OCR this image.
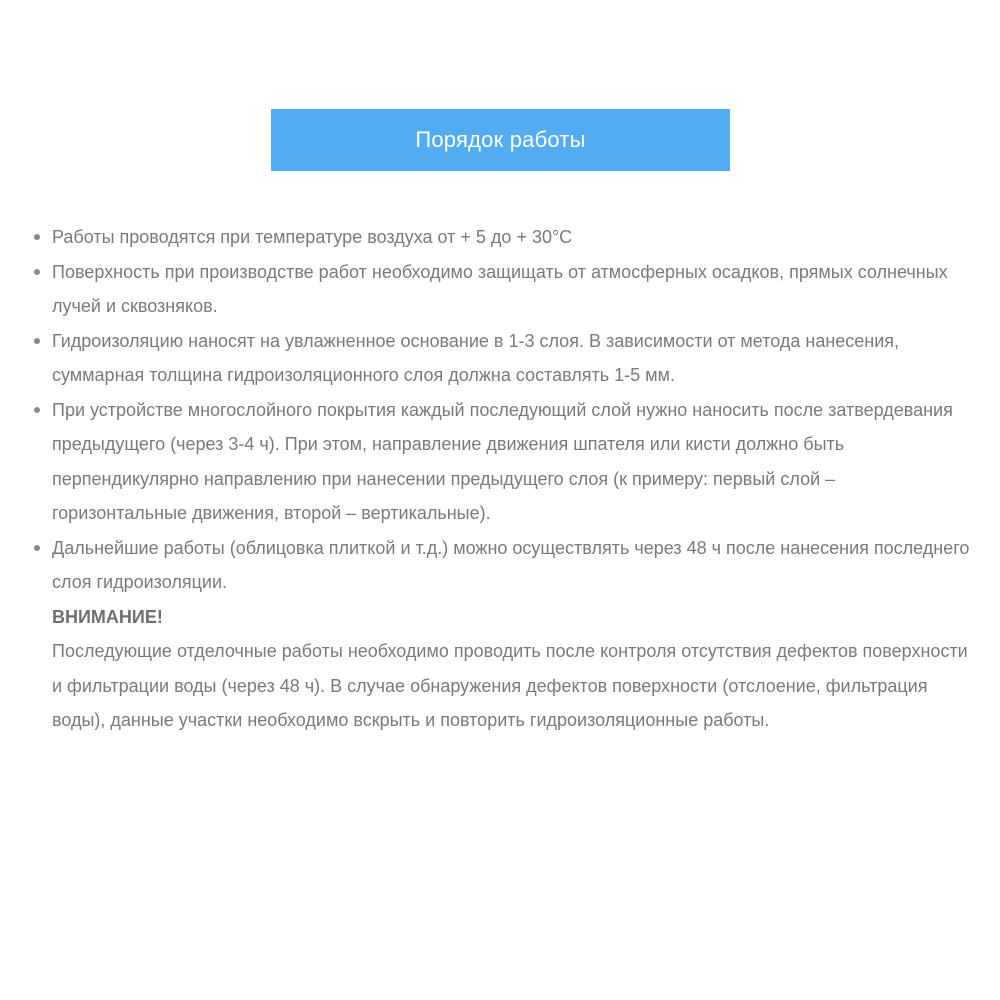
Порядок работы
Работы проводятся при температуре воздуха от + 5 до + 30°С
Поверхность при производстве работ необходимо защищать от атмосферных осадков, прямых солнечных лучей и сквозняков.
Гидроизоляцию наносят на увлажненное основание в 1-3 слоя. В зависимости от метода нанесения, суммарная толщина гидроизоляционного слоя должна составлять 1-5 мм.
При устройстве многослойного покрытия каждый последующий слой нужно наносить после затвердевания предыдущего (через 3-4 ч). При этом, направление движения шпателя или кисти должно быть перпендикулярно направлению при нанесении предыдущего слоя (к примеру: первый слой – горизонтальные движения, второй – вертикальные).
Дальнейшие работы (облицовка плиткой и т.д.) можно осуществлять через 48 ч после нанесения последнего слоя гидроизоляции.
ВНИМАНИЕ!
Последующие отделочные работы необходимо проводить после контроля отсутствия дефектов поверхности и фильтрации воды (через 48 ч). В случае обнаружения дефектов поверхности (отслоение, фильтрация воды), данные участки необходимо вскрыть и повторить гидроизоляционные работы.
